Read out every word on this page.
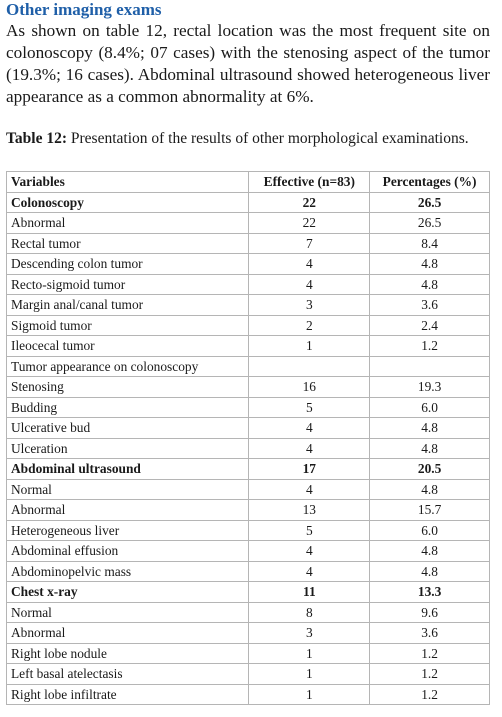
Other imaging exams
As shown on table 12, rectal location was the most frequent site on colonoscopy (8.4%; 07 cases) with the stenosing aspect of the tumor (19.3%; 16 cases). Abdominal ultrasound showed heterogeneous liver appearance as a common abnormality at 6%.
Table 12: Presentation of the results of other morphological examinations.
Variables	Effective (n=83)	Percentages (%)
Colonoscopy	22	26.5
Abnormal	22	26.5
Rectal tumor	7	8.4
Descending colon tumor	4	4.8
Recto-sigmoid tumor	4	4.8
Margin anal/canal tumor	3	3.6
Sigmoid tumor	2	2.4
Ileocecal tumor	1	1.2
Tumor appearance on colonoscopy		
Stenosing	16	19.3
Budding	5	6.0
Ulcerative bud	4	4.8
Ulceration	4	4.8
Abdominal ultrasound	17	20.5
Normal	4	4.8
Abnormal	13	15.7
Heterogeneous liver	5	6.0
Abdominal effusion	4	4.8
Abdominopelvic mass	4	4.8
Chest x-ray	11	13.3
Normal	8	9.6
Abnormal	3	3.6
Right lobe nodule	1	1.2
Left basal atelectasis	1	1.2
Right lobe infiltrate	1	1.2
